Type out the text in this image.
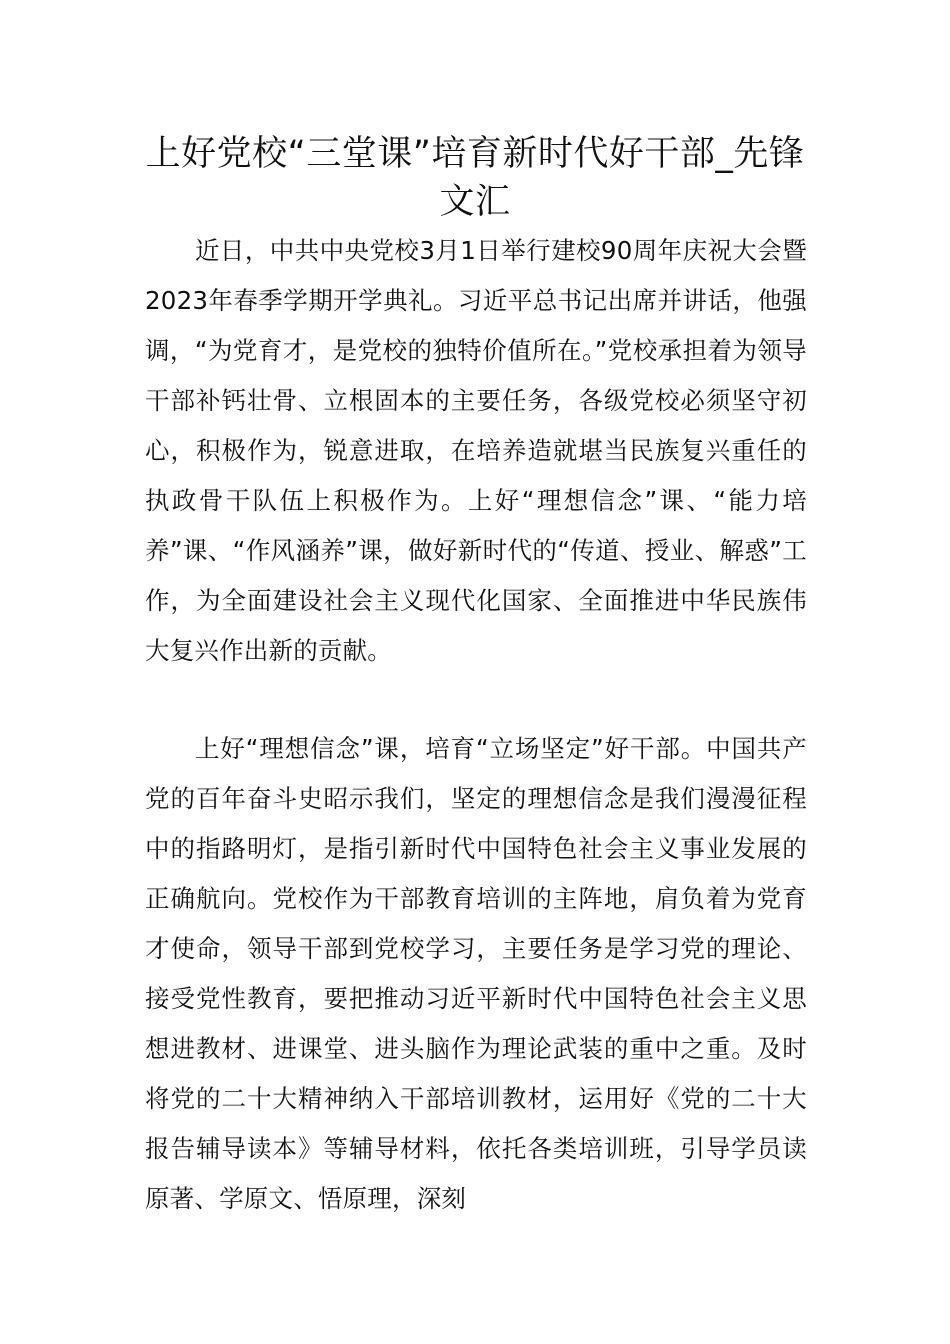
上好党校“三堂课”培育新时代好干部_先锋文汇

近日，中共中央党校3月1日举行建校90周年庆祝大会暨2023年春季学期开学典礼。习近平总书记出席并讲话，他强调，“为党育才，是党校的独特价值所在。”党校承担着为领导干部补钙壮骨、立根固本的主要任务，各级党校必须坚守初心，积极作为，锐意进取，在培养造就堪当民族复兴重任的执政骨干队伍上积极作为。上好“理想信念”课、“能力培养”课、“作风涵养”课，做好新时代的“传道、授业、解惑”工作，为全面建设社会主义现代化国家、全面推进中华民族伟大复兴作出新的贡献。

上好“理想信念”课，培育“立场坚定”好干部。中国共产党的百年奋斗史昭示我们，坚定的理想信念是我们漫漫征程中的指路明灯，是指引新时代中国特色社会主义事业发展的正确航向。党校作为干部教育培训的主阵地，肩负着为党育才使命，领导干部到党校学习，主要任务是学习党的理论、接受党性教育，要把推动习近平新时代中国特色社会主义思想进教材、进课堂、进头脑作为理论武装的重中之重。及时将党的二十大精神纳入干部培训教材，运用好《党的二十大报告辅导读本》等辅导材料，依托各类培训班，引导学员读原著、学原文、悟原理，深刻
